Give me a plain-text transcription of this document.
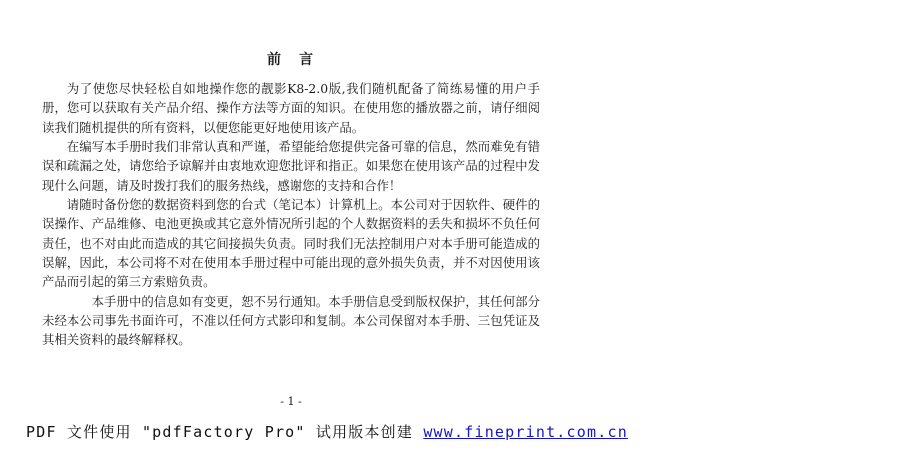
前言

为了使您尽快轻松自如地操作您的靓影K8-2.0版,我们随机配备了简练易懂的用户手册，您可以获取有关产品介绍、操作方法等方面的知识。在使用您的播放器之前，请仔细阅读我们随机提供的所有资料，以便您能更好地使用该产品。

在编写本手册时我们非常认真和严谨，希望能给您提供完备可靠的信息，然而难免有错误和疏漏之处，请您给予谅解并由衷地欢迎您批评和指正。如果您在使用该产品的过程中发现什么问题，请及时拨打我们的服务热线，感谢您的支持和合作！

请随时备份您的数据资料到您的台式（笔记本）计算机上。本公司对于因软件、硬件的误操作、产品维修、电池更换或其它意外情况所引起的个人数据资料的丢失和损坏不负任何责任，也不对由此而造成的其它间接损失负责。同时我们无法控制用户对本手册可能造成的误解，因此，本公司将不对在使用本手册过程中可能出现的意外损失负责，并不对因使用该产品而引起的第三方索赔负责。

本手册中的信息如有变更，恕不另行通知。本手册信息受到版权保护，其任何部分未经本公司事先书面许可，不准以任何方式影印和复制。本公司保留对本手册、三包凭证及其相关资料的最终解释权。

- 1 -
PDF 文件使用 "pdfFactory Pro" 试用版本创建 www.fineprint.com.cn
